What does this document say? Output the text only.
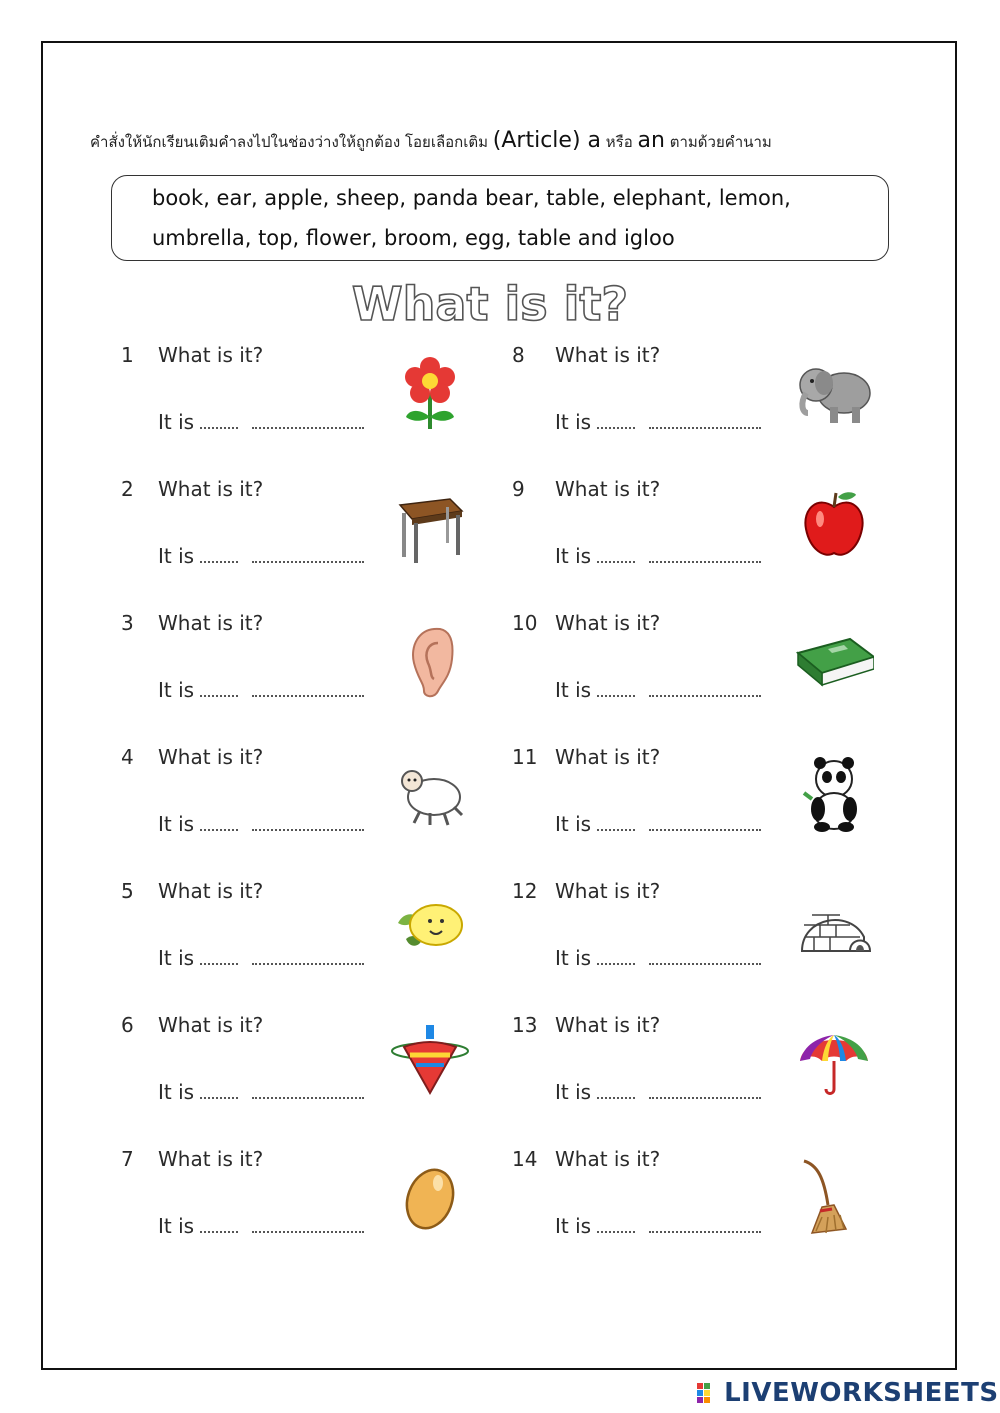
คำสั่งให้นักเรียนเติมคำลงไปในช่องว่างให้ถูกต้อง โอยเลือกเติม (Article) a หรือ an ตามด้วยคำนาม
book, ear, apple, sheep, panda bear, table, elephant, lemon,
umbrella, top, flower, broom, egg, table and igloo
What is it?
1 What is it?
It is
2 What is it?
It is
3 What is it?
It is
4 What is it?
It is
5 What is it?
It is
6 What is it?
It is
7 What is it?
It is
8 What is it?
It is
9 What is it?
It is
10 What is it?
It is
11 What is it?
It is
12 What is it?
It is
13 What is it?
It is
14 What is it?
It is
LIVEWORKSHEETS
